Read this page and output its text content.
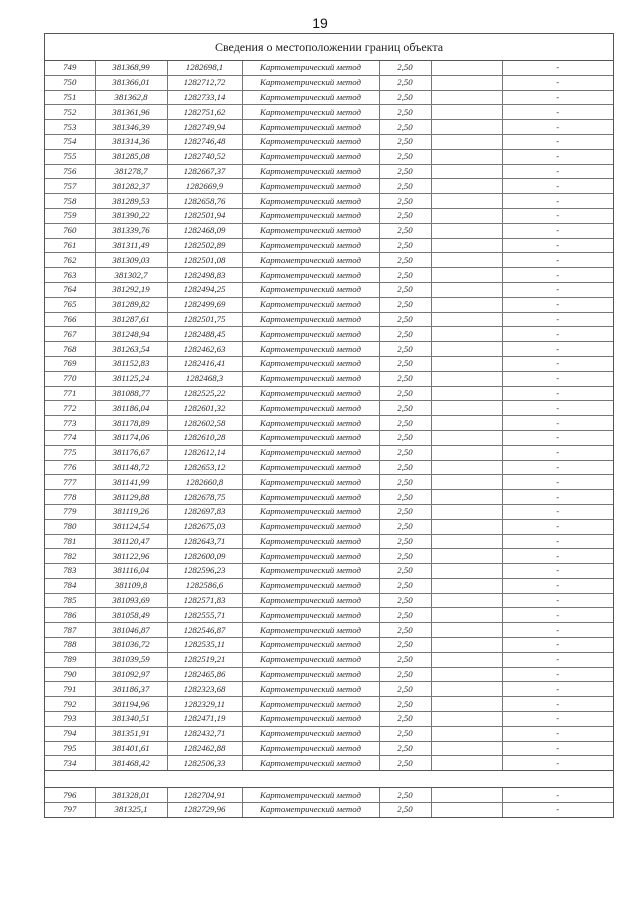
19
Сведения о местоположении границ объекта
749	381368,99	1282698,1	Картометрический метод	2,50		-
750	381366,01	1282712,72	Картометрический метод	2,50		-
751	381362,8	1282733,14	Картометрический метод	2,50		-
752	381361,96	1282751,62	Картометрический метод	2,50		-
753	381346,39	1282749,94	Картометрический метод	2,50		-
754	381314,36	1282746,48	Картометрический метод	2,50		-
755	381285,08	1282740,52	Картометрический метод	2,50		-
756	381278,7	1282667,37	Картометрический метод	2,50		-
757	381282,37	1282669,9	Картометрический метод	2,50		-
758	381289,53	1282658,76	Картометрический метод	2,50		-
759	381390,22	1282501,94	Картометрический метод	2,50		-
760	381339,76	1282468,09	Картометрический метод	2,50		-
761	381311,49	1282502,89	Картометрический метод	2,50		-
762	381309,03	1282501,08	Картометрический метод	2,50		-
763	381302,7	1282498,83	Картометрический метод	2,50		-
764	381292,19	1282494,25	Картометрический метод	2,50		-
765	381289,82	1282499,69	Картометрический метод	2,50		-
766	381287,61	1282501,75	Картометрический метод	2,50		-
767	381248,94	1282488,45	Картометрический метод	2,50		-
768	381263,54	1282462,63	Картометрический метод	2,50		-
769	381152,83	1282416,41	Картометрический метод	2,50		-
770	381125,24	1282468,3	Картометрический метод	2,50		-
771	381088,77	1282525,22	Картометрический метод	2,50		-
772	381186,04	1282601,32	Картометрический метод	2,50		-
773	381178,89	1282602,58	Картометрический метод	2,50		-
774	381174,06	1282610,28	Картометрический метод	2,50		-
775	381176,67	1282612,14	Картометрический метод	2,50		-
776	381148,72	1282653,12	Картометрический метод	2,50		-
777	381141,99	1282660,8	Картометрический метод	2,50		-
778	381129,88	1282678,75	Картометрический метод	2,50		-
779	381119,26	1282697,83	Картометрический метод	2,50		-
780	381124,54	1282675,03	Картометрический метод	2,50		-
781	381120,47	1282643,71	Картометрический метод	2,50		-
782	381122,96	1282600,09	Картометрический метод	2,50		-
783	381116,04	1282596,23	Картометрический метод	2,50		-
784	381109,8	1282586,6	Картометрический метод	2,50		-
785	381093,69	1282571,83	Картометрический метод	2,50		-
786	381058,49	1282555,71	Картометрический метод	2,50		-
787	381046,87	1282546,87	Картометрический метод	2,50		-
788	381036,72	1282535,11	Картометрический метод	2,50		-
789	381039,59	1282519,21	Картометрический метод	2,50		-
790	381092,97	1282465,86	Картометрический метод	2,50		-
791	381186,37	1282323,68	Картометрический метод	2,50		-
792	381194,96	1282329,11	Картометрический метод	2,50		-
793	381340,51	1282471,19	Картометрический метод	2,50		-
794	381351,91	1282432,71	Картометрический метод	2,50		-
795	381401,61	1282462,88	Картометрический метод	2,50		-
734	381468,42	1282506,33	Картометрический метод	2,50		-
796	381328,01	1282704,91	Картометрический метод	2,50		-
797	381325,1	1282729,96	Картометрический метод	2,50		-
